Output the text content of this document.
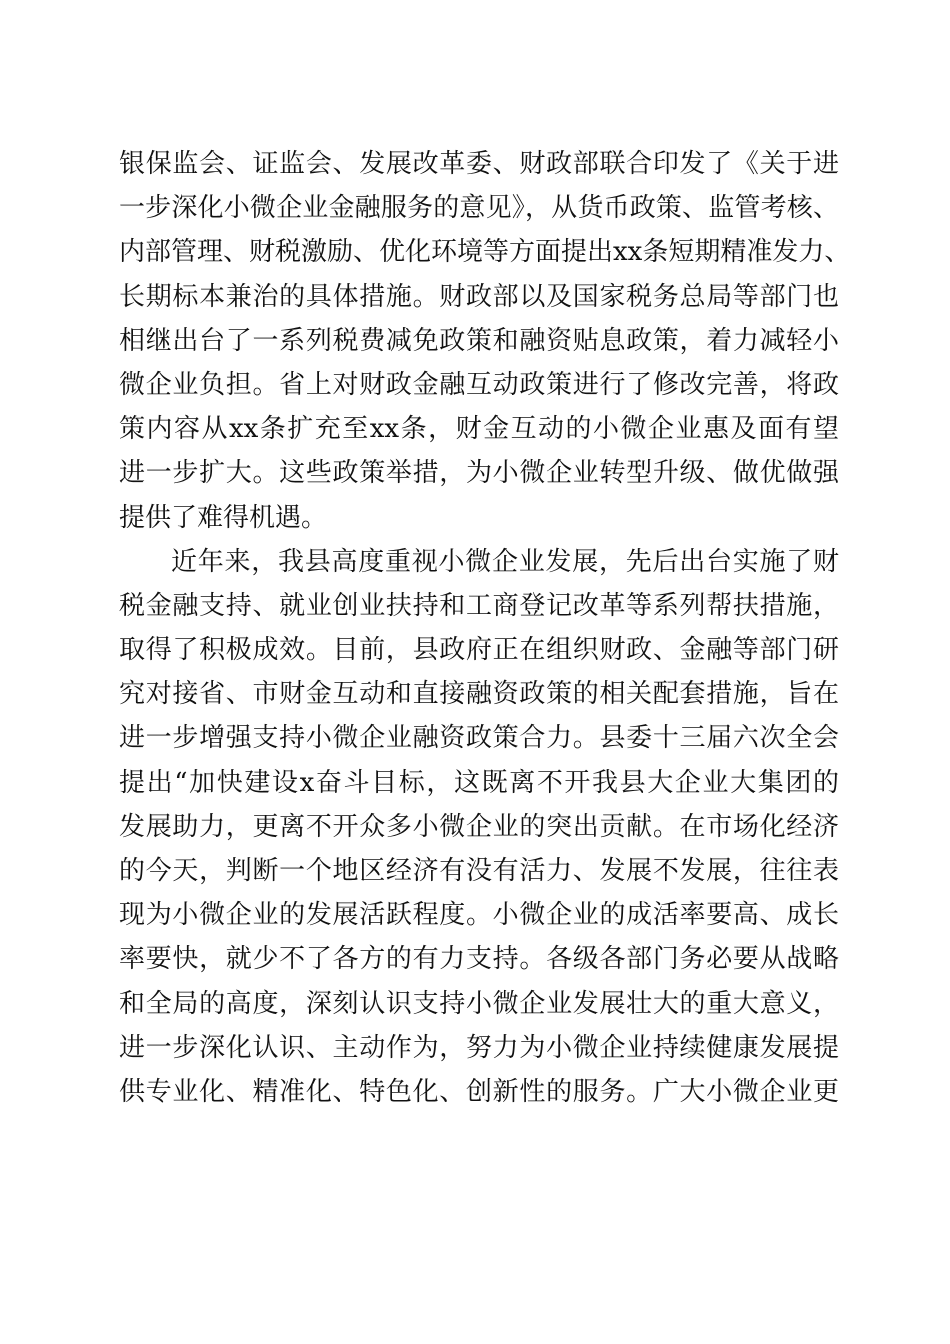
银保监会、证监会、发展改革委、财政部联合印发了《关于进
一步深化小微企业金融服务的意见》，从货币政策、监管考核、
内部管理、财税激励、优化环境等方面提出xx条短期精准发力、
长期标本兼治的具体措施。财政部以及国家税务总局等部门也
相继出台了一系列税费减免政策和融资贴息政策，着力减轻小
微企业负担。省上对财政金融互动政策进行了修改完善，将政
策内容从xx条扩充至xx条，财金互动的小微企业惠及面有望
进一步扩大。这些政策举措，为小微企业转型升级、做优做强
提供了难得机遇。
近年来，我县高度重视小微企业发展，先后出台实施了财
税金融支持、就业创业扶持和工商登记改革等系列帮扶措施，
取得了积极成效。目前，县政府正在组织财政、金融等部门研
究对接省、市财金互动和直接融资政策的相关配套措施，旨在
进一步增强支持小微企业融资政策合力。县委十三届六次全会
提出“加快建设x奋斗目标，这既离不开我县大企业大集团的
发展助力，更离不开众多小微企业的突出贡献。在市场化经济
的今天，判断一个地区经济有没有活力、发展不发展，往往表
现为小微企业的发展活跃程度。小微企业的成活率要高、成长
率要快，就少不了各方的有力支持。各级各部门务必要从战略
和全局的高度，深刻认识支持小微企业发展壮大的重大意义，
进一步深化认识、主动作为，努力为小微企业持续健康发展提
供专业化、精准化、特色化、创新性的服务。广大小微企业更
